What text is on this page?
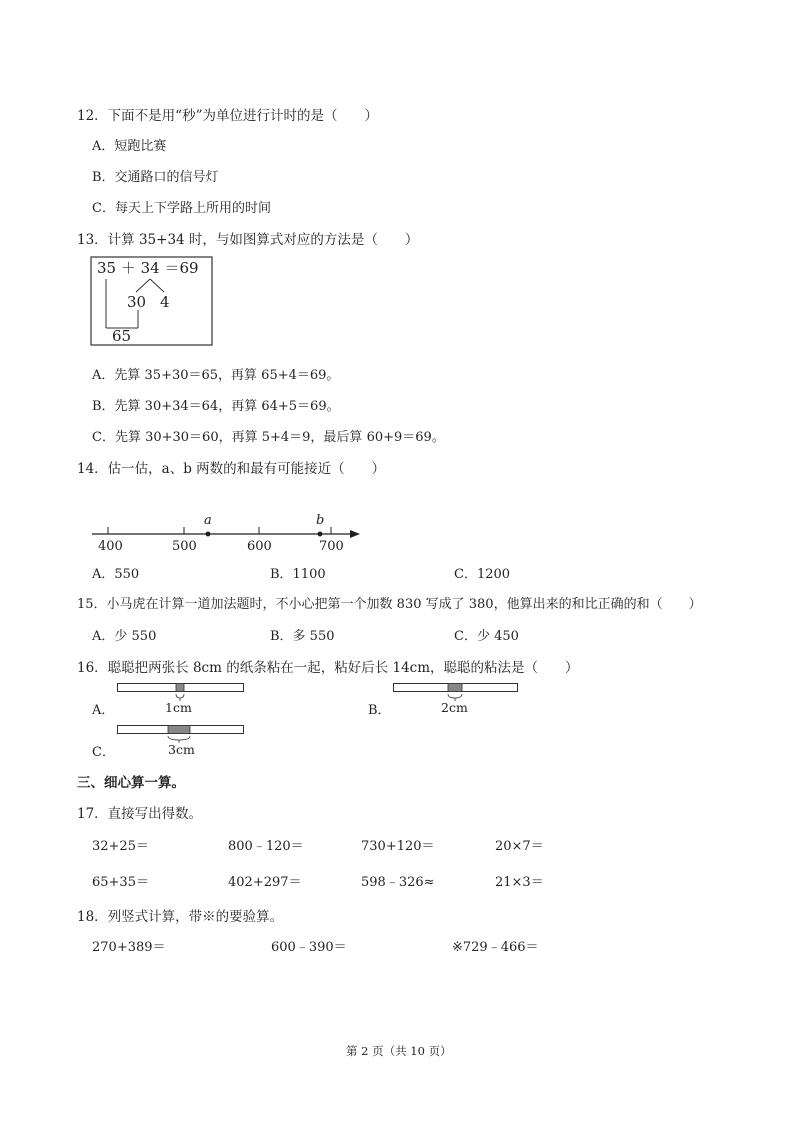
12．下面不是用“秒”为单位进行计时的是（　　）
A．短跑比赛
B．交通路口的信号灯
C．每天上下学路上所用的时间
13．计算 35+34 时，与如图算式对应的方法是（　　）
35 ＋ 34 ＝69
30 4
65
A．先算 35+30＝65，再算 65+4＝69。
B．先算 30+34＝64，再算 64+5＝69。
C．先算 30+30＝60，再算 5+4＝9，最后算 60+9＝69。
14．估一估，a、b 两数的和最有可能接近（　　）
a	b
400	500	600	700
A．550	B．1100	C．1200
15．小马虎在计算一道加法题时，不小心把第一个加数 830 写成了 380，他算出来的和比正确的和（　　）
A．少 550	B．多 550	C．少 450
16．聪聪把两张长 8cm 的纸条粘在一起，粘好后长 14cm，聪聪的粘法是（　　）
A．	1cm	B．	2cm
C．	3cm
三、细心算一算。
17．直接写出得数。
32+25＝	800﹣120＝	730+120＝	20×7＝
65+35＝	402+297＝	598﹣326≈	21×3＝
18．列竖式计算，带※的要验算。
270+389＝	600﹣390＝	※729﹣466＝
第 2 页（共 10 页）
